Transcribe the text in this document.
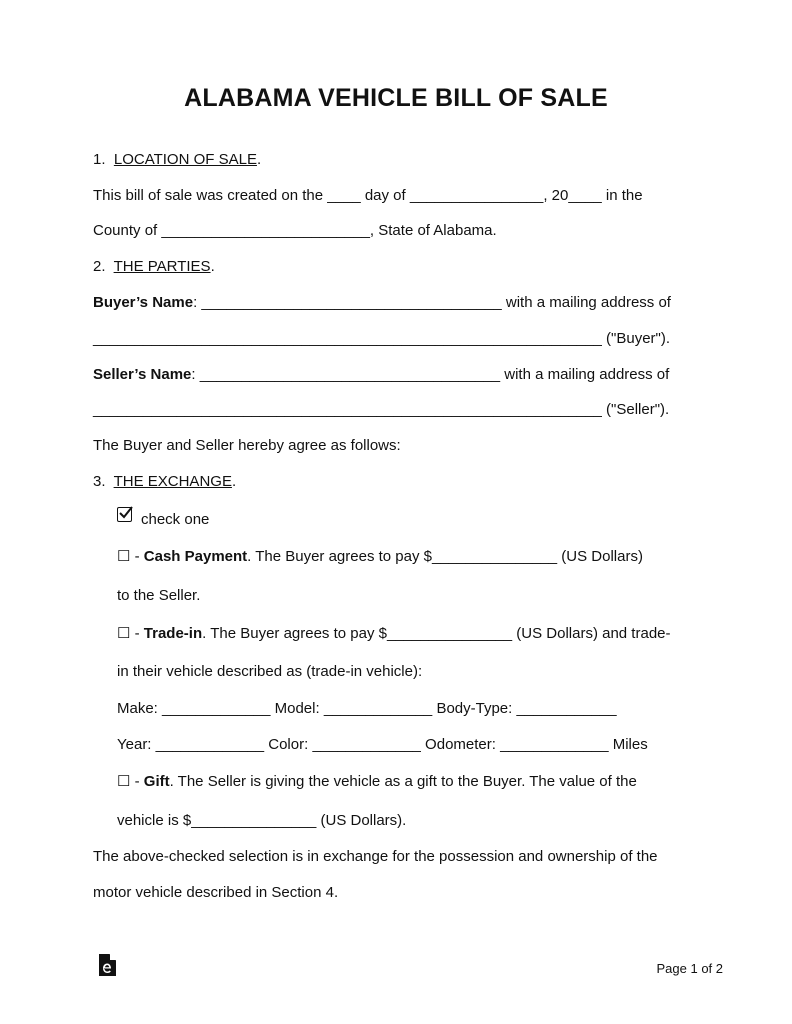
ALABAMA VEHICLE BILL OF SALE
1. LOCATION OF SALE.
This bill of sale was created on the ____ day of ________________, 20____ in the
County of _________________________, State of Alabama.
2. THE PARTIES.
Buyer’s Name: ____________________________________ with a mailing address of
_____________________________________________________________ ("Buyer").
Seller’s Name: ____________________________________ with a mailing address of
_____________________________________________________________ ("Seller").
The Buyer and Seller hereby agree as follows:
3. THE EXCHANGE.
check one
☐ - Cash Payment. The Buyer agrees to pay $_______________ (US Dollars)
to the Seller.
☐ - Trade-in. The Buyer agrees to pay $_______________ (US Dollars) and trade-
in their vehicle described as (trade-in vehicle):
Make: _____________ Model: _____________ Body-Type: ____________
Year: _____________ Color: _____________ Odometer: _____________ Miles
☐ - Gift. The Seller is giving the vehicle as a gift to the Buyer. The value of the
vehicle is $_______________ (US Dollars).
The above-checked selection is in exchange for the possession and ownership of the
motor vehicle described in Section 4.
Page 1 of 2
